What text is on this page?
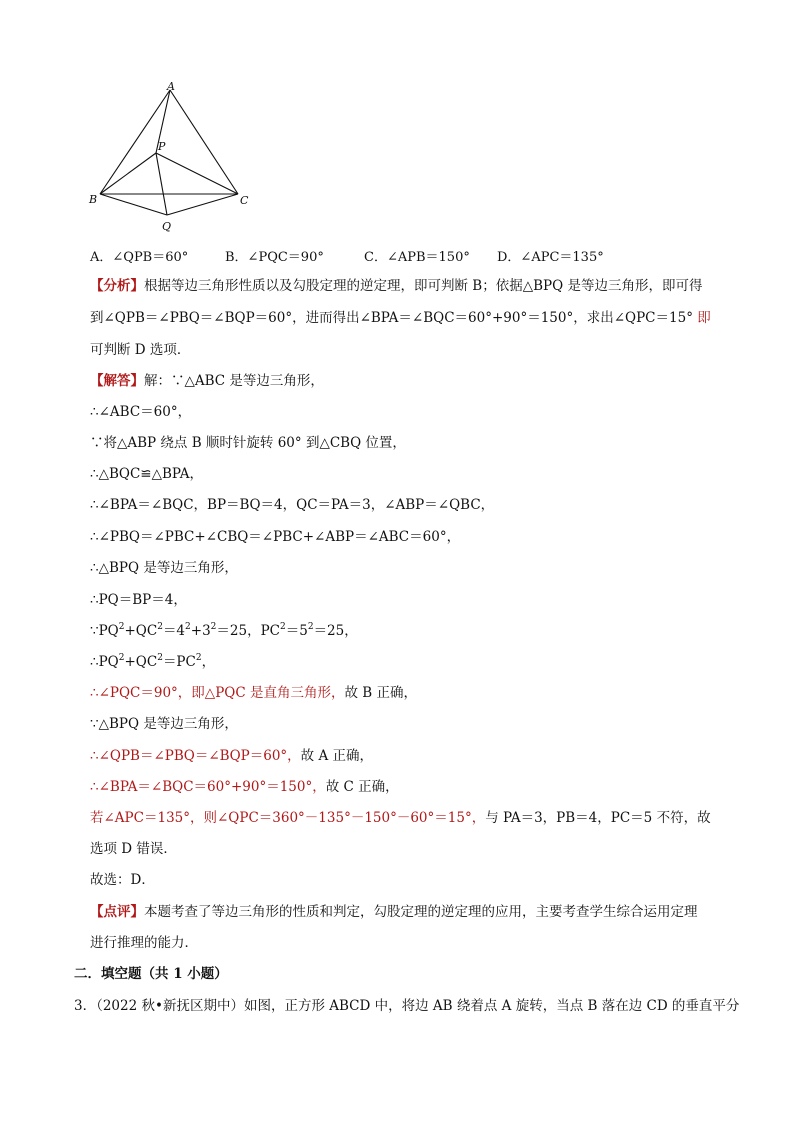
A
P
B	C
Q
A．∠QPB＝60°	B．∠PQC＝90°	C．∠APB＝150° D．∠APC＝135°
【分析】根据等边三角形性质以及勾股定理的逆定理，即可判断 B；依据△BPQ 是等边三角形，即可得
到∠QPB＝∠PBQ＝∠BQP＝60°，进而得出∠BPA＝∠BQC＝60°+90°＝150°，求出∠QPC＝15° 即
可判断 D 选项．
【解答】解：∵△ABC 是等边三角形，
∴∠ABC＝60°，
∵将△ABP 绕点 B 顺时针旋转 60° 到△CBQ 位置，
∴△BQC≌△BPA，
∴∠BPA＝∠BQC，BP＝BQ＝4，QC＝PA＝3，∠ABP＝∠QBC，
∴∠PBQ＝∠PBC+∠CBQ＝∠PBC+∠ABP＝∠ABC＝60°，
∴△BPQ 是等边三角形，
∴PQ＝BP＝4，
$\because PQ^2+QC^2=4^2+3^2=25$，$PC^2=5^2=25$，
$\therefore PQ^2+QC^2=PC^2$，
∴∠PQC＝90°，即△PQC 是直角三角形，故 B 正确，
∵△BPQ 是等边三角形，
∴∠QPB＝∠PBQ＝∠BQP＝60°，故 A 正确，
∴∠BPA＝∠BQC＝60°+90°＝150°，故 C 正确，
若∠APC＝135°，则∠QPC＝360°－135°－150°－60°＝15°，与 PA＝3，PB＝4，PC＝5 不符，故
选项 D 错误．
故选：D．
【点评】本题考查了等边三角形的性质和判定，勾股定理的逆定理的应用，主要考查学生综合运用定理
进行推理的能力．
二．填空题（共 1 小题）
3．（2022 秋•新抚区期中）如图，正方形 ABCD 中，将边 AB 绕着点 A 旋转，当点 B 落在边 CD 的垂直平分
